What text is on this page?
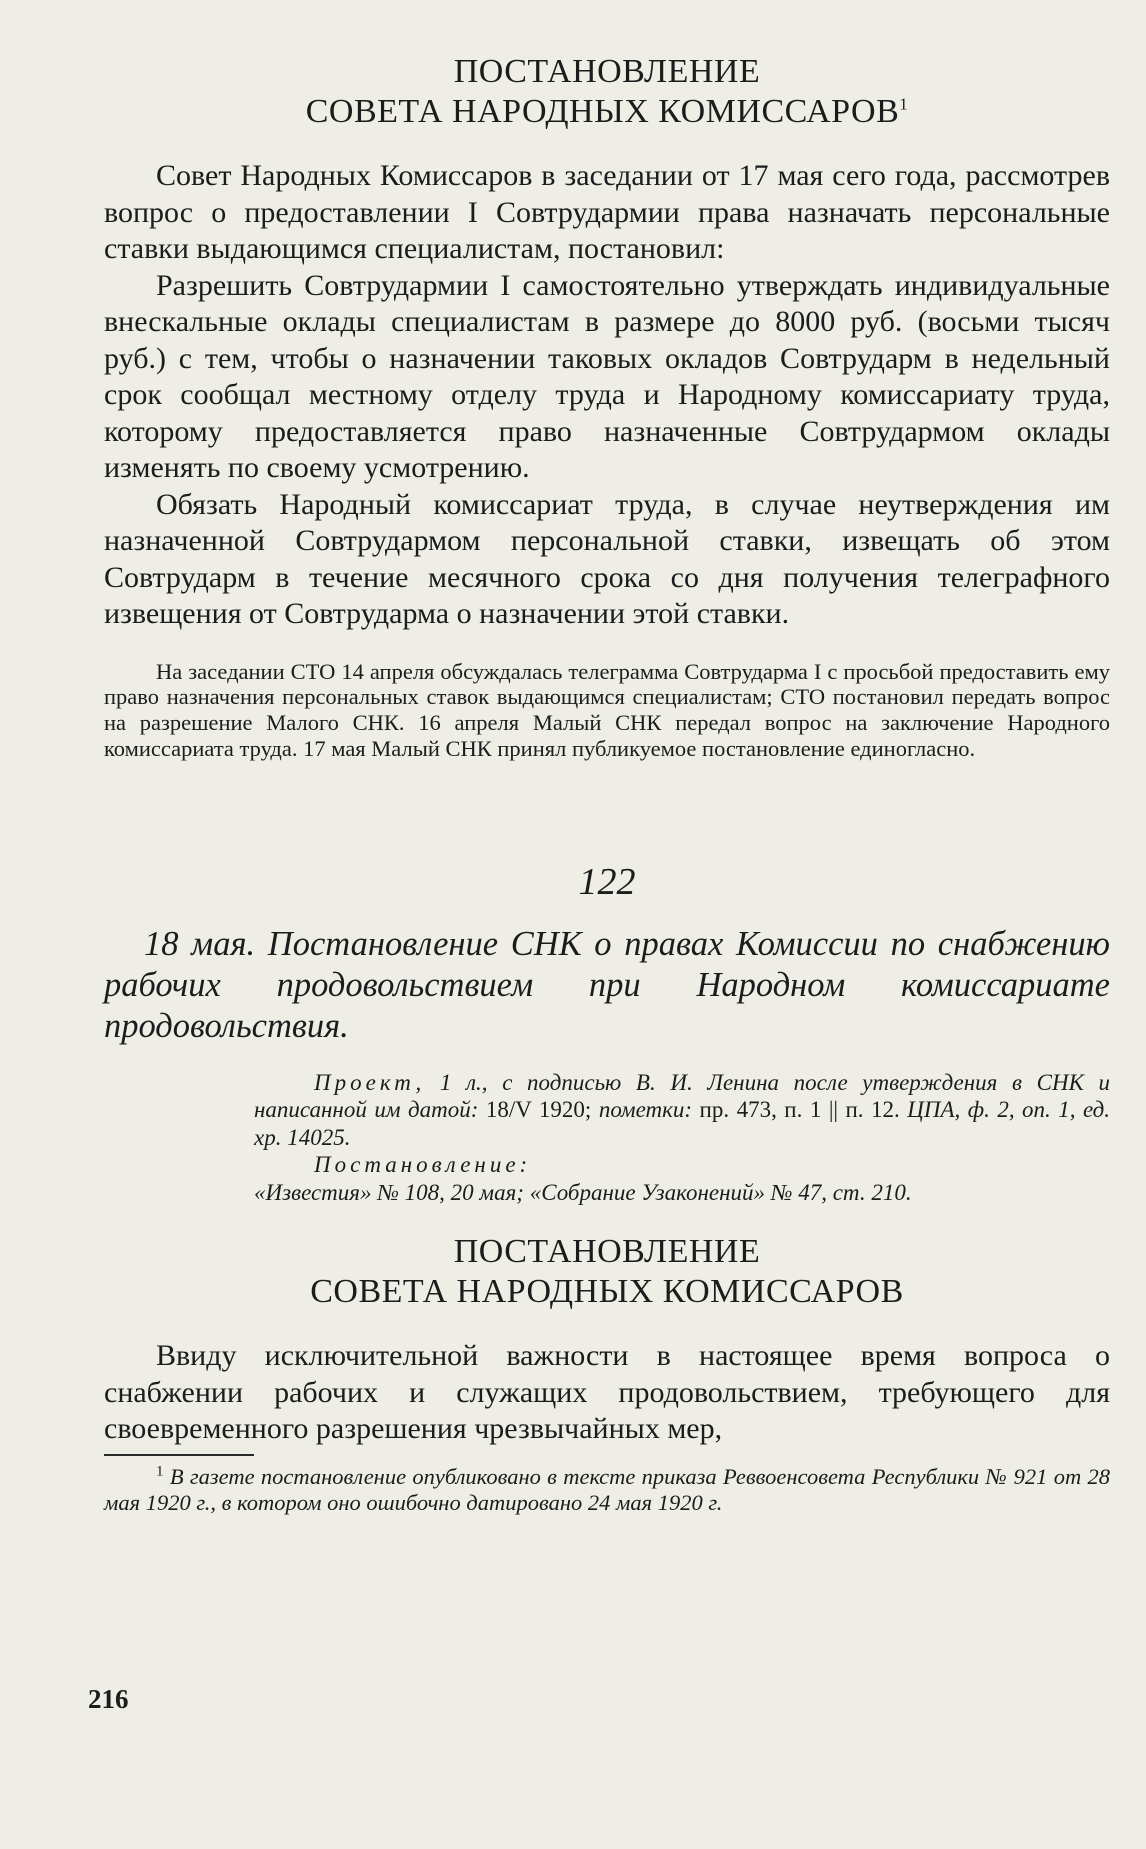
ПОСТАНОВЛЕНИЕ
СОВЕТА НАРОДНЫХ КОМИССАРОВ$^1$

Совет Народных Комиссаров в заседании от 17 мая сего года, рассмотрев вопрос о предоставлении I Совтрудармии права назначать персональные ставки выдающимся специалистам, постановил:

Разрешить Совтрудармии I самостоятельно утверждать индивидуальные внескальные оклады специалистам в размере до 8000 руб. (восьми тысяч руб.) с тем, чтобы о назначении таковых окладов Совтрударм в недельный срок сообщал местному отделу труда и Народному комиссариату труда, которому предоставляется право назначенные Совтрудармом оклады изменять по своему усмотрению.

Обязать Народный комиссариат труда, в случае неутверждения им назначенной Совтрудармом персональной ставки, извещать об этом Совтрударм в течение месячного срока со дня получения телеграфного извещения от Совтрударма о назначении этой ставки.

На заседании СТО 14 апреля обсуждалась телеграмма Совтрударма I с просьбой предоставить ему право назначения персональных ставок выдающимся специалистам; СТО постановил передать вопрос на разрешение Малого СНК. 16 апреля Малый СНК передал вопрос на заключение Народного комиссариата труда. 17 мая Малый СНК принял публикуемое постановление единогласно.

122

18 мая. Постановление СНК о правах Комиссии по снабжению рабочих продовольствием при Народном комиссариате продовольствия.

Проект, 1 л., с подписью В. И. Ленина после утверждения в СНК и написанной им датой: 18/V 1920; пометки: пр. 473, п. 1 || п. 12. ЦПА, ф. 2, оп. 1, ед. хр. 14025.
Постановление:
«Известия» № 108, 20 мая; «Собрание Узаконений» № 47, ст. 210.
ПОСТАНОВЛЕНИЕ
СОВЕТА НАРОДНЫХ КОМИССАРОВ

Ввиду исключительной важности в настоящее время вопроса о снабжении рабочих и служащих продовольствием, требующего для своевременного разрешения чрезвычайных мер,

$^1$ В газете постановление опубликовано в тексте приказа Реввоенсовета Республики № 921 от 28 мая 1920 г., в котором оно ошибочно датировано 24 мая 1920 г.

216
